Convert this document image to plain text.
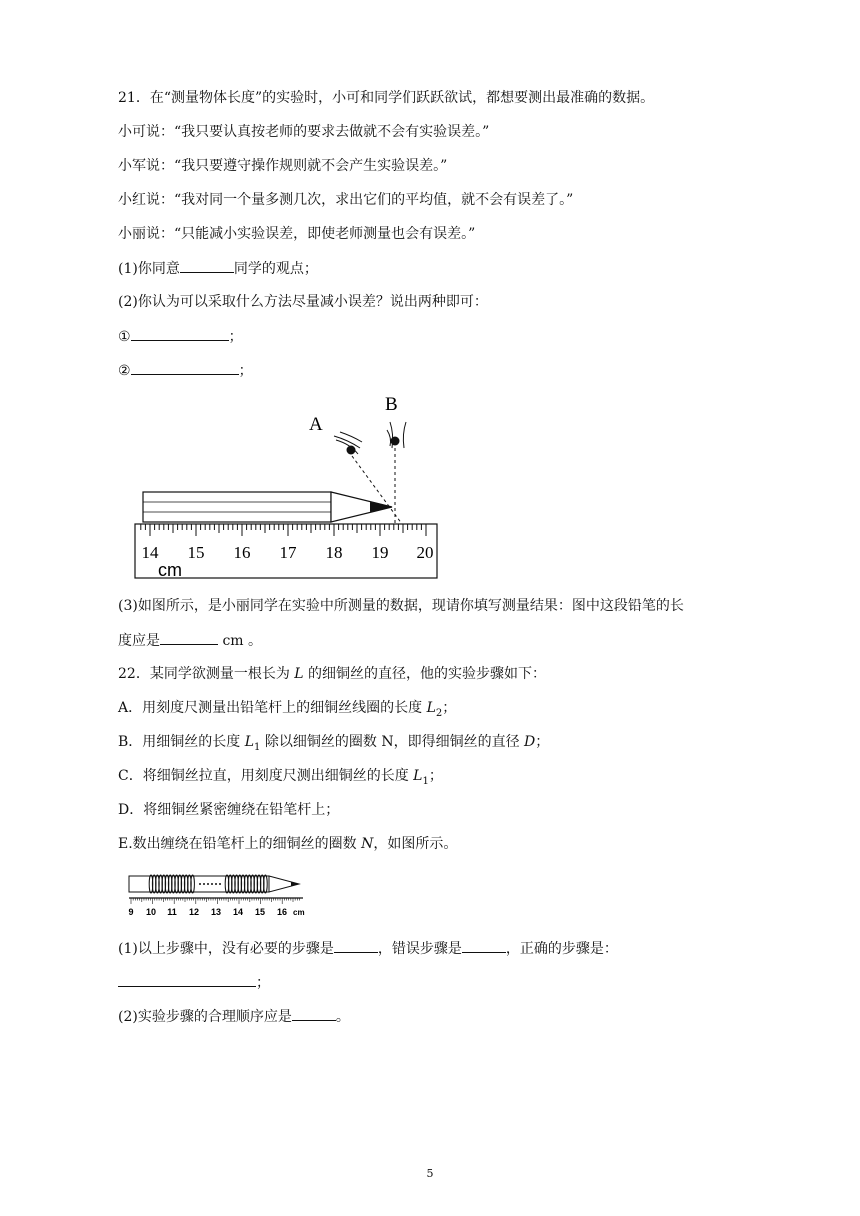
21．在“测量物体长度”的实验时，小可和同学们跃跃欲试，都想要测出最准确的数据。
小可说：“我只要认真按老师的要求去做就不会有实验误差。”
小军说：“我只要遵守操作规则就不会产生实验误差。”
小红说：“我对同一个量多测几次，求出它们的平均值，就不会有误差了。”
小丽说：“只能减小实验误差，即使老师测量也会有误差。”
(1)你同意	同学的观点；
(2)你认为可以采取什么方法尽量减小误差？说出两种即可：
①	；
②	；
A
B
14 15 16 17 18 19 20
cm
(3)如图所示，是小丽同学在实验中所测量的数据，现请你填写测量结果：图中这段铅笔的长
度应是	cm 。
22．某同学欲测量一根长为 L 的细铜丝的直径，他的实验步骤如下：
A．用刻度尺测量出铅笔杆上的细铜丝线圈的长度 $L_2$；
B．用细铜丝的长度 $L_1$ 除以细铜丝的圈数 N，即得细铜丝的直径 D；
C．将细铜丝拉直，用刻度尺测出细铜丝的长度 $L_1$；
D．将细铜丝紧密缠绕在铅笔杆上；
E.数出缠绕在铅笔杆上的细铜丝的圈数 N，如图所示。
9 10 11 12 13 14 15 16 cm
(1)以上步骤中，没有必要的步骤是	，错误步骤是	，正确的步骤是：
；
(2)实验步骤的合理顺序应是	。
5
